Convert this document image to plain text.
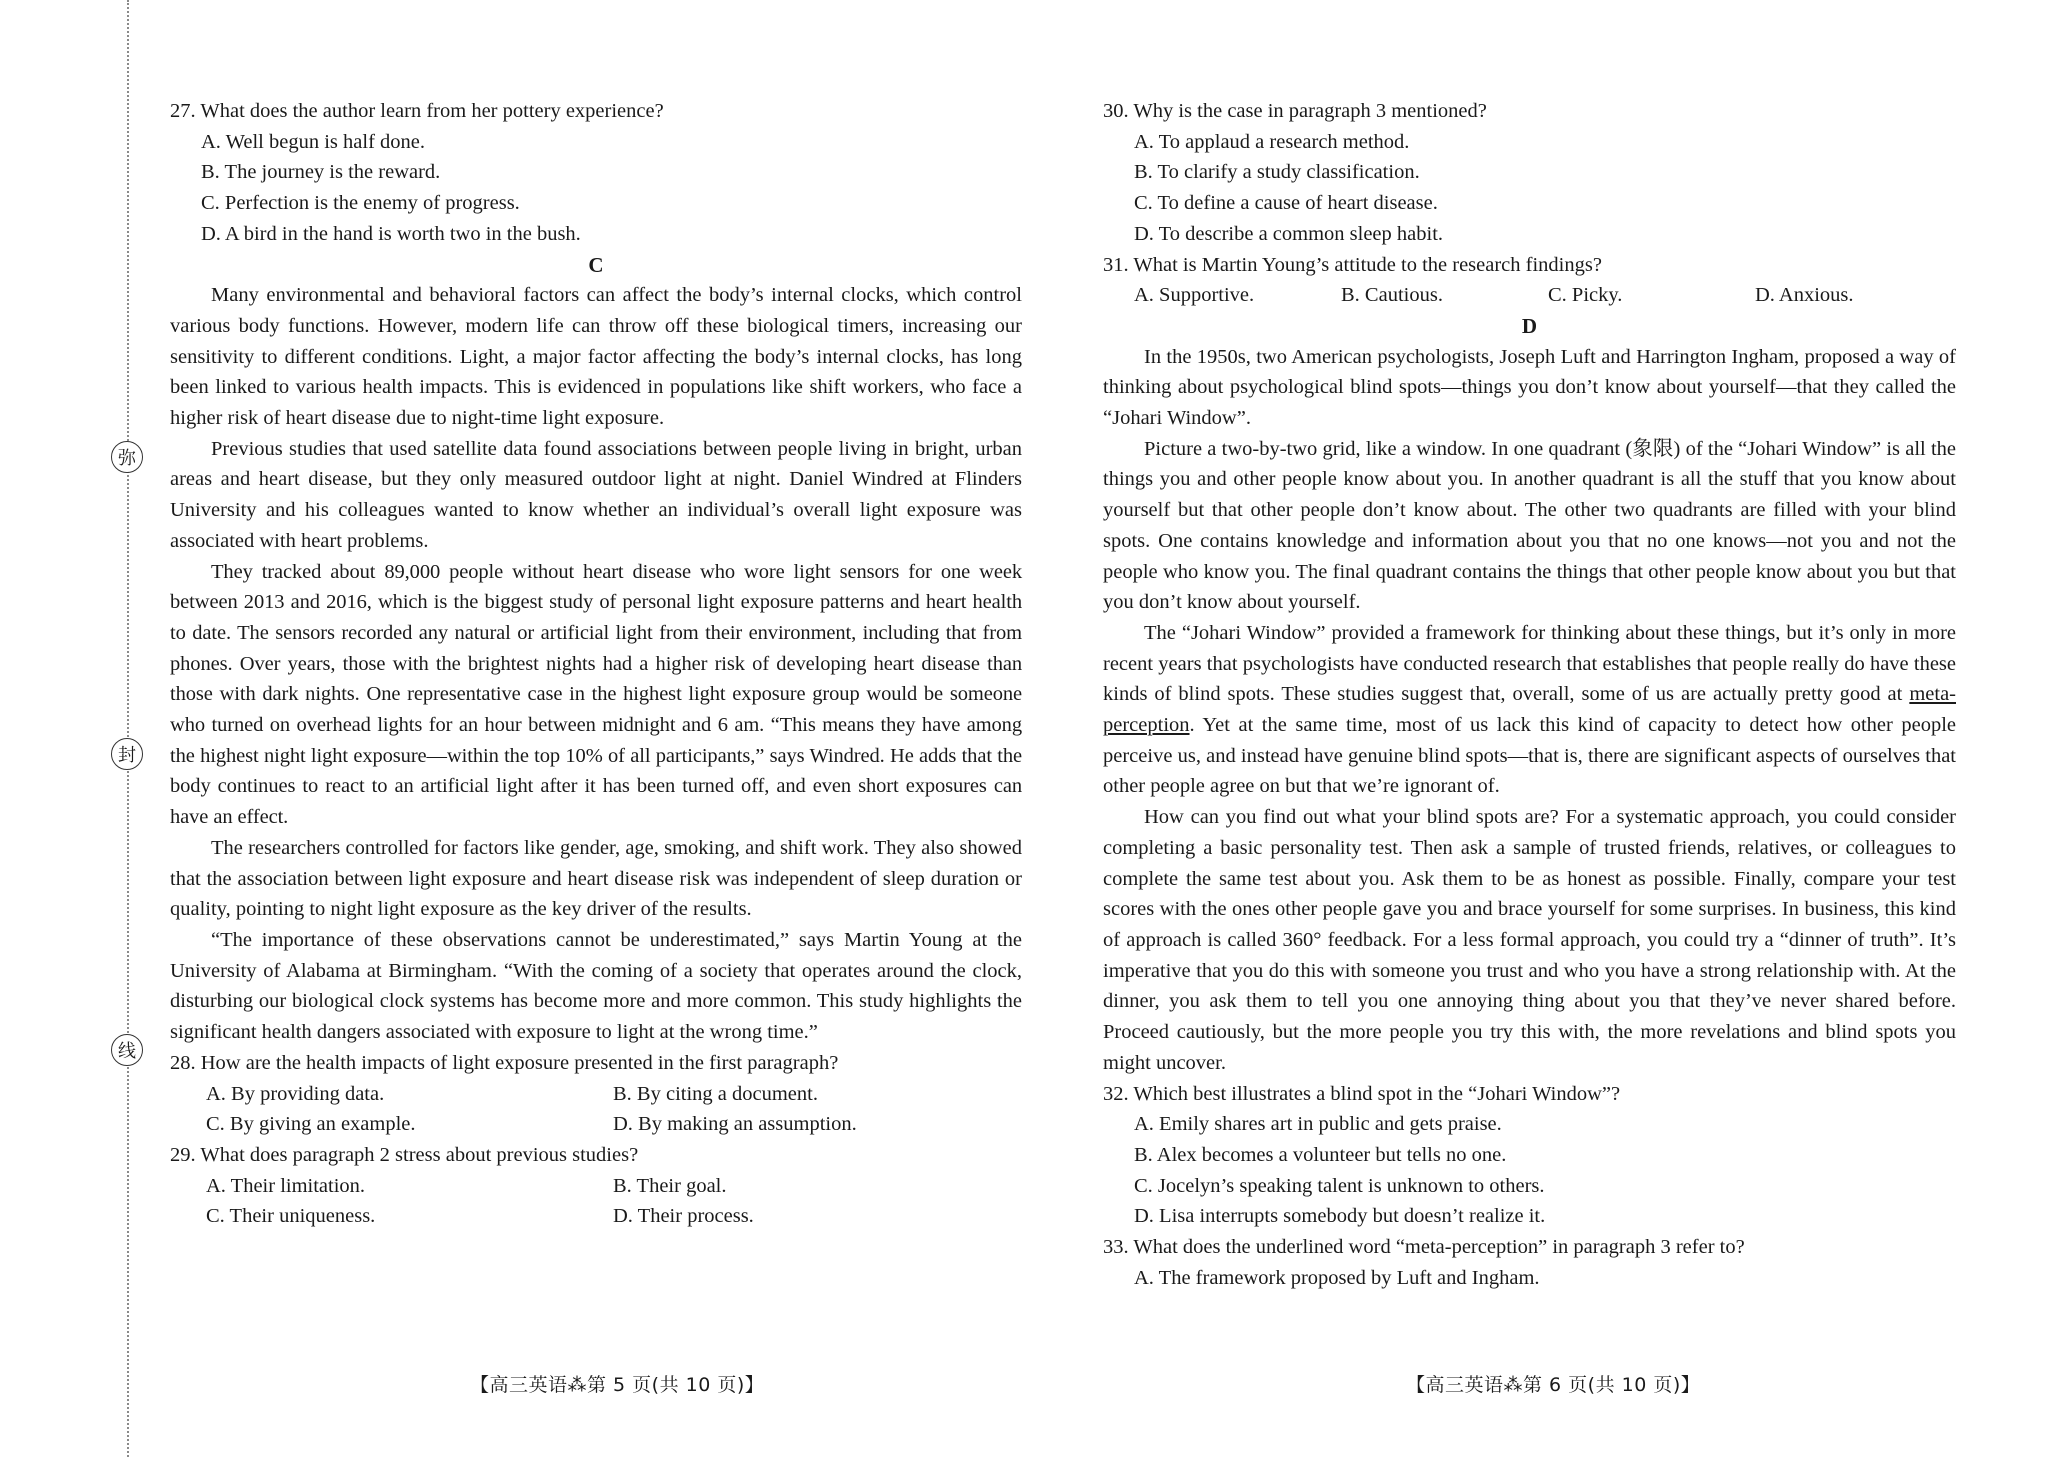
弥
封
线

27. What does the author learn from her pottery experience?

A. Well begun is half done.

B. The journey is the reward.

C. Perfection is the enemy of progress.

D. A bird in the hand is worth two in the bush.

C

Many environmental and behavioral factors can affect the body’s internal clocks, which control various body functions. However, modern life can throw off these biological timers, increasing our sensitivity to different conditions. Light, a major factor affecting the body’s internal clocks, has long been linked to various health impacts. This is evidenced in populations like shift workers, who face a higher risk of heart disease due to night-time light exposure.

Previous studies that used satellite data found associations between people living in bright, urban areas and heart disease, but they only measured outdoor light at night. Daniel Windred at Flinders University and his colleagues wanted to know whether an individual’s overall light exposure was associated with heart problems.

They tracked about 89,000 people without heart disease who wore light sensors for one week between 2013 and 2016, which is the biggest study of personal light exposure patterns and heart health to date. The sensors recorded any natural or artificial light from their environment, including that from phones. Over years, those with the brightest nights had a higher risk of developing heart disease than those with dark nights. One representative case in the highest light exposure group would be someone who turned on overhead lights for an hour between midnight and 6 am. “This means they have among the highest night light exposure—within the top 10% of all participants,” says Windred. He adds that the body continues to react to an artificial light after it has been turned off, and even short exposures can have an effect.

The researchers controlled for factors like gender, age, smoking, and shift work. They also showed that the association between light exposure and heart disease risk was independent of sleep duration or quality, pointing to night light exposure as the key driver of the results.

“The importance of these observations cannot be underestimated,” says Martin Young at the University of Alabama at Birmingham. “With the coming of a society that operates around the clock, disturbing our biological clock systems has become more and more common. This study highlights the significant health dangers associated with exposure to light at the wrong time.”

28. How are the health impacts of light exposure presented in the first paragraph?

A. By providing data.	B. By citing a document.
C. By giving an example.	D. By making an assumption.

29. What does paragraph 2 stress about previous studies?

A. Their limitation.	B. Their goal.
C. Their uniqueness.	D. Their process.
【高三英语⁂第 5 页(共 10 页)】

30. Why is the case in paragraph 3 mentioned?

A. To applaud a research method.

B. To clarify a study classification.

C. To define a cause of heart disease.

D. To describe a common sleep habit.

31. What is Martin Young’s attitude to the research findings?

A. Supportive.	B. Cautious.	C. Picky.	D. Anxious.

D

In the 1950s, two American psychologists, Joseph Luft and Harrington Ingham, proposed a way of thinking about psychological blind spots—things you don’t know about yourself—that they called the “Johari Window”.

Picture a two-by-two grid, like a window. In one quadrant (象限) of the “Johari Window” is all the things you and other people know about you. In another quadrant is all the stuff that you know about yourself but that other people don’t know about. The other two quadrants are filled with your blind spots. One contains knowledge and information about you that no one knows—not you and not the people who know you. The final quadrant contains the things that other people know about you but that you don’t know about yourself.

The “Johari Window” provided a framework for thinking about these things, but it’s only in more recent years that psychologists have conducted research that establishes that people really do have these kinds of blind spots. These studies suggest that, overall, some of us are actually pretty good at meta-perception. Yet at the same time, most of us lack this kind of capacity to detect how other people perceive us, and instead have genuine blind spots—that is, there are significant aspects of ourselves that other people agree on but that we’re ignorant of.

How can you find out what your blind spots are? For a systematic approach, you could consider completing a basic personality test. Then ask a sample of trusted friends, relatives, or colleagues to complete the same test about you. Ask them to be as honest as possible. Finally, compare your test scores with the ones other people gave you and brace yourself for some surprises. In business, this kind of approach is called 360° feedback. For a less formal approach, you could try a “dinner of truth”. It’s imperative that you do this with someone you trust and who you have a strong relationship with. At the dinner, you ask them to tell you one annoying thing about you that they’ve never shared before. Proceed cautiously, but the more people you try this with, the more revelations and blind spots you might uncover.

32. Which best illustrates a blind spot in the “Johari Window”?

A. Emily shares art in public and gets praise.

B. Alex becomes a volunteer but tells no one.

C. Jocelyn’s speaking talent is unknown to others.

D. Lisa interrupts somebody but doesn’t realize it.

33. What does the underlined word “meta-perception” in paragraph 3 refer to?

A. The framework proposed by Luft and Ingham.

【高三英语⁂第 6 页(共 10 页)】
